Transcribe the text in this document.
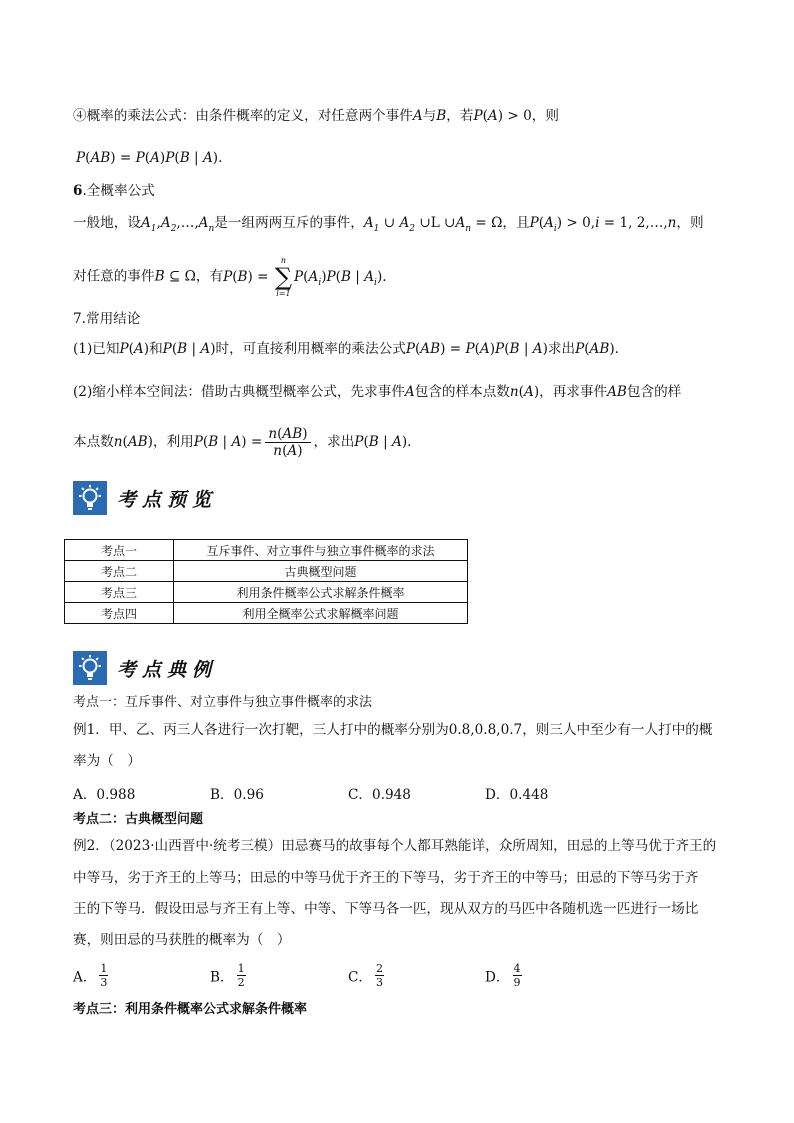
④概率的乘法公式：由条件概率的定义，对任意两个事件A与B，若P(A) > 0，则
P(AB) = P(A)P(B | A).
6.全概率公式
一般地，设$A_1,A_2,\dots,A_n$是一组两两互斥的事件，$A_1$ ∪ $A_2$ ∪L $\cup A_n = \Omega$，且$P(A_i) > 0,i = 1$, 2,…,n，则
对任意的事件B ⊆ Ω，有P(B) =
n
∑
i=1
$P(A_i)P(B$ | $A_i$).
7.常用结论
(1)已知P(A)和P(B | A)时，可直接利用概率的乘法公式P(AB) = P(A)P(B | A)求出P(AB).
(2)缩小样本空间法：借助古典概型概率公式，先求事件A包含的样本点数n(A)，再求事件AB包含的样
本点数n(AB)，利用P(B | $A) = \frac{n(AB)}{n(A)}$ ，求出P(B | A).
考点预览
考点一	互斥事件、对立事件与独立事件概率的求法
考点二	古典概型问题
考点三	利用条件概率公式求解条件概率
考点四	利用全概率公式求解概率问题
考点典例
考点一：互斥事件、对立事件与独立事件概率的求法
例1．甲、乙、丙三人各进行一次打靶，三人打中的概率分别为0.8,0.8,0.7，则三人中至少有一人打中的概
率为（　）
A．0.988	B．0.96	C．0.948	D．0.448
考点二：古典概型问题
例2．（2023·山西晋中·统考三模）田忌赛马的故事每个人都耳熟能详，众所周知，田忌的上等马优于齐王的
中等马，劣于齐王的上等马；田忌的中等马优于齐王的下等马，劣于齐王的中等马；田忌的下等马劣于齐
王的下等马．假设田忌与齐王有上等、中等、下等马各一匹，现从双方的马匹中各随机选一匹进行一场比
赛，则田忌的马获胜的概率为（　）
A． $\frac{1}{3}$	B． $\frac{1}{2}$	C． $\frac{2}{3}$	D． $\frac{4}{9}$
考点三：利用条件概率公式求解条件概率
